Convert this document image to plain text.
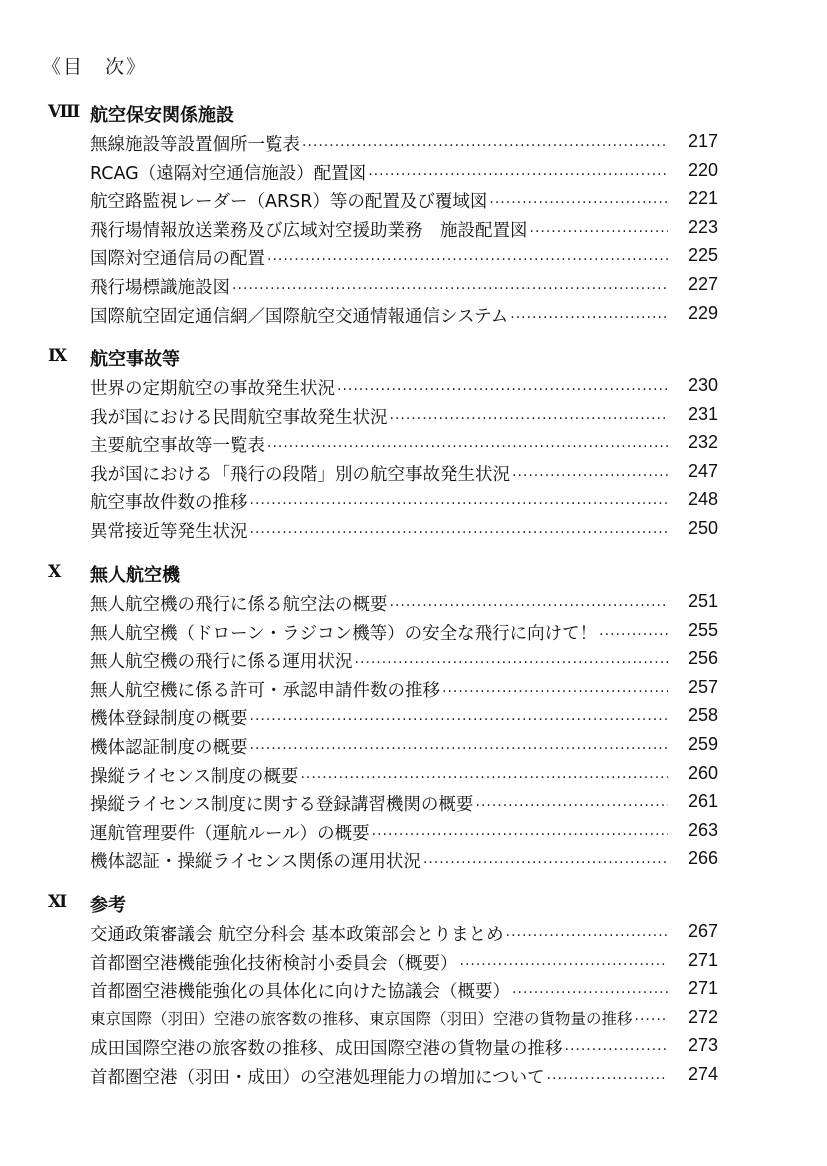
《目　次》
Ⅷ 航空保安関係施設
無線施設等設置個所一覧表 ·····	217
RCAG（遠隔対空通信施設）配置図 ·····	220
航空路監視レーダー（ARSR）等の配置及び覆域図 ·····	221
飛行場情報放送業務及び広域対空援助業務　施設配置図 ·····	223
国際対空通信局の配置 ·····	225
飛行場標識施設図 ·····	227
国際航空固定通信網／国際航空交通情報通信システム ·····	229
Ⅸ 航空事故等
世界の定期航空の事故発生状況 ·····	230
我が国における民間航空事故発生状況 ·····	231
主要航空事故等一覧表 ·····	232
我が国における「飛行の段階」別の航空事故発生状況 ·····	247
航空事故件数の推移 ·····	248
異常接近等発生状況 ·····	250
Ⅹ 無人航空機
無人航空機の飛行に係る航空法の概要 ·····	251
無人航空機（ドローン・ラジコン機等）の安全な飛行に向けて！ ·····	255
無人航空機の飛行に係る運用状況 ·····	256
無人航空機に係る許可・承認申請件数の推移 ·····	257
機体登録制度の概要 ·····	258
機体認証制度の概要 ·····	259
操縦ライセンス制度の概要 ·····	260
操縦ライセンス制度に関する登録講習機関の概要 ·····	261
運航管理要件（運航ルール）の概要 ·····	263
機体認証・操縦ライセンス関係の運用状況 ·····	266
Ⅺ 参考
交通政策審議会 航空分科会 基本政策部会とりまとめ ·····	267
首都圏空港機能強化技術検討小委員会（概要） ·····	271
首都圏空港機能強化の具体化に向けた協議会（概要） ·····	271
東京国際（羽田）空港の旅客数の推移、東京国際（羽田）空港の貨物量の推移 ·····	272
成田国際空港の旅客数の推移、成田国際空港の貨物量の推移 ·····	273
首都圏空港（羽田・成田）の空港処理能力の増加について ·····	274
